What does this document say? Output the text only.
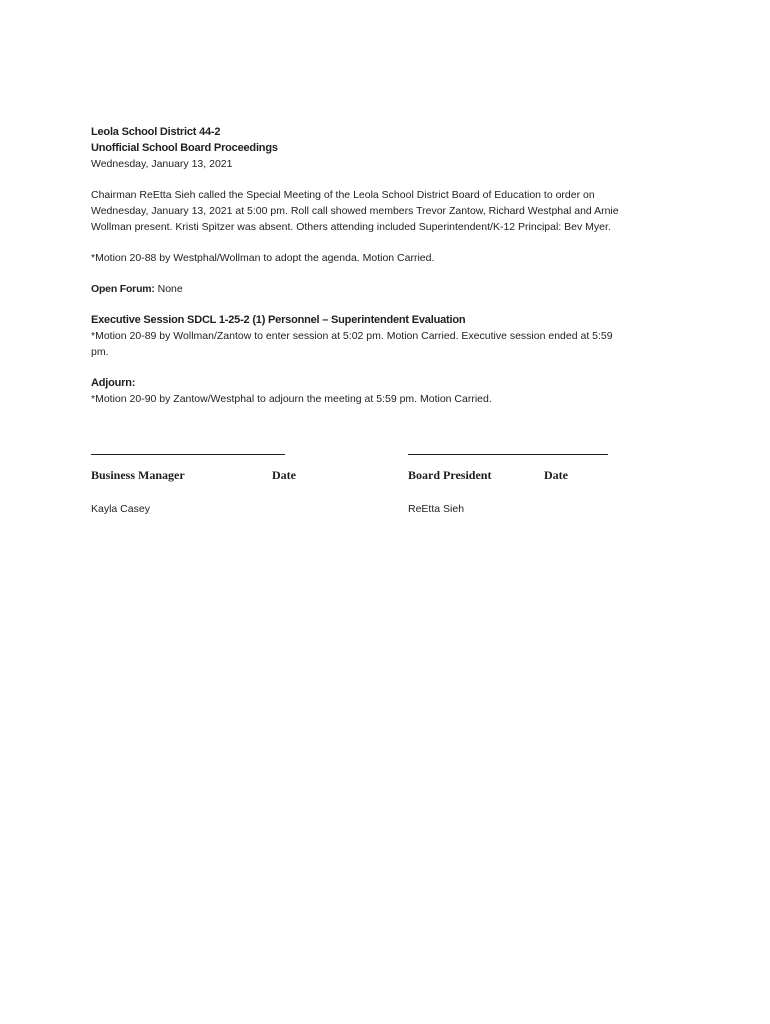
Leola School District 44-2
Unofficial School Board Proceedings
Wednesday, January 13, 2021
Chairman ReEtta Sieh called the Special Meeting of the Leola School District Board of Education to order on
Wednesday, January 13, 2021 at 5:00 pm. Roll call showed members Trevor Zantow, Richard Westphal and Arnie
Wollman present. Kristi Spitzer was absent. Others attending included Superintendent/K-12 Principal: Bev Myer.
*Motion 20-88 by Westphal/Wollman to adopt the agenda. Motion Carried.
Open Forum: None
Executive Session SDCL 1-25-2 (1) Personnel – Superintendent Evaluation
*Motion 20-89 by Wollman/Zantow to enter session at 5:02 pm. Motion Carried. Executive session ended at 5:59
pm.
Adjourn:
*Motion 20-90 by Zantow/Westphal to adjourn the meeting at 5:59 pm. Motion Carried.
Business Manager	Date	Board President	Date
Kayla Casey	ReEtta Sieh
